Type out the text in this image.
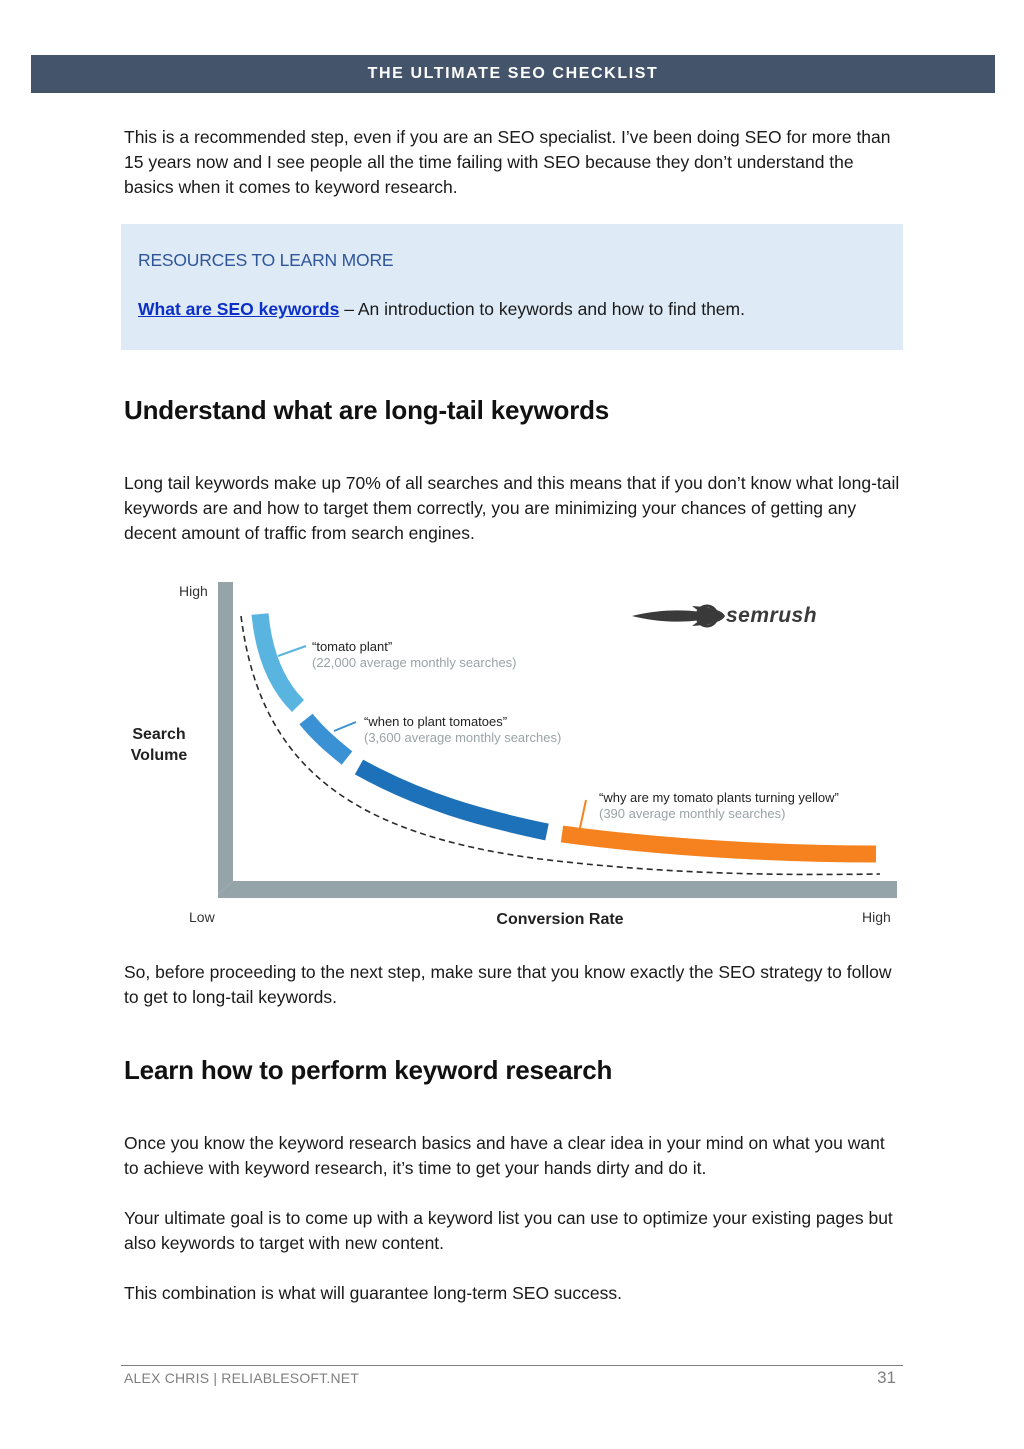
THE ULTIMATE SEO CHECKLIST

This is a recommended step, even if you are an SEO specialist. I’ve been doing SEO for more than 15 years now and I see people all the time failing with SEO because they don’t understand the basics when it comes to keyword research.

RESOURCES TO LEARN MORE
What are SEO keywords – An introduction to keywords and how to find them.
Understand what are long-tail keywords

Long tail keywords make up 70% of all searches and this means that if you don’t know what long-tail keywords are and how to target them correctly, you are minimizing your chances of getting any decent amount of traffic from search engines.

“tomato plant”
(22,000 average monthly searches)
“when to plant tomatoes”
(3,600 average monthly searches)
“why are my tomato plants turning yellow”
(390 average monthly searches)
High
Search
Volume
Low	Conversion Rate	High
semrush

So, before proceeding to the next step, make sure that you know exactly the SEO strategy to follow to get to long-tail keywords.

Learn how to perform keyword research

Once you know the keyword research basics and have a clear idea in your mind on what you want to achieve with keyword research, it’s time to get your hands dirty and do it.

Your ultimate goal is to come up with a keyword list you can use to optimize your existing pages but also keywords to target with new content.

This combination is what will guarantee long-term SEO success.

ALEX CHRIS | RELIABLESOFT.NET	31
